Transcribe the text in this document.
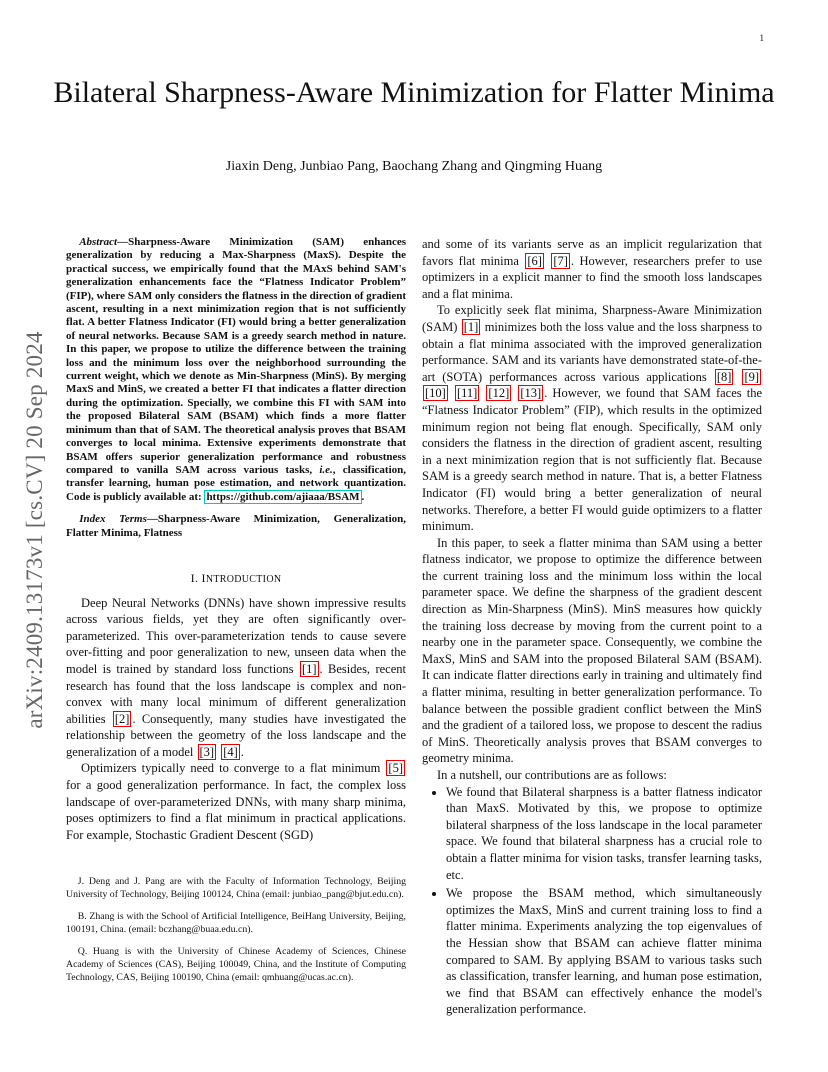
1
Bilateral Sharpness-Aware Minimization for Flatter Minima
Jiaxin Deng, Junbiao Pang, Baochang Zhang and Qingming Huang
arXiv:2409.13173v1 [cs.CV] 20 Sep 2024

Abstract—Sharpness-Aware Minimization (SAM) enhances generalization by reducing a Max-Sharpness (MaxS). Despite the practical success, we empirically found that the MAxS behind SAM's generalization enhancements face the “Flatness Indicator Problem” (FIP), where SAM only considers the flatness in the direction of gradient ascent, resulting in a next minimization region that is not sufficiently flat. A better Flatness Indicator (FI) would bring a better generalization of neural networks. Because SAM is a greedy search method in nature. In this paper, we propose to utilize the difference between the training loss and the minimum loss over the neighborhood surrounding the current weight, which we denote as Min-Sharpness (MinS). By merging MaxS and MinS, we created a better FI that indicates a flatter direction during the optimization. Specially, we combine this FI with SAM into the proposed Bilateral SAM (BSAM) which finds a more flatter minimum than that of SAM. The theoretical analysis proves that BSAM converges to local minima. Extensive experiments demonstrate that BSAM offers superior generalization performance and robustness compared to vanilla SAM across various tasks, i.e., classification, transfer learning, human pose estimation, and network quantization. Code is publicly available at: https://github.com/ajiaaa/BSAM .

Index Terms—Sharpness-Aware Minimization, Generalization, Flatter Minima, Flatness

I. INTRODUCTION

Deep Neural Networks (DNNs) have shown impressive results across various fields, yet they are often significantly over-parameterized. This over-parameterization tends to cause severe over-fitting and poor generalization to new, unseen data when the model is trained by standard loss functions [1] . Besides, recent research has found that the loss landscape is complex and non-convex with many local minimum of different generalization abilities [2] . Consequently, many studies have investigated the relationship between the geometry of the loss landscape and the generalization of a model [3] [4] .

Optimizers typically need to converge to a flat minimum [5] for a good generalization performance. In fact, the complex loss landscape of over-parameterized DNNs, with many sharp minima, poses optimizers to find a flat minimum in practical applications. For example, Stochastic Gradient Descent (SGD)

J. Deng and J. Pang are with the Faculty of Information Technology, Beijing University of Technology, Beijing 100124, China (email: junbiao_pang@bjut.edu.cn).

B. Zhang is with the School of Artificial Intelligence, BeiHang University, Beijing, 100191, China. (email: bczhang@buaa.edu.cn).

Q. Huang is with the University of Chinese Academy of Sciences, Chinese Academy of Sciences (CAS), Beijing 100049, China, and the Institute of Computing Technology, CAS, Beijing 100190, China (email: qmhuang@ucas.ac.cn).

and some of its variants serve as an implicit regularization that favors flat minima [6] [7] . However, researchers prefer to use optimizers in a explicit manner to find the smooth loss landscapes and a flat minima.

To explicitly seek flat minima, Sharpness-Aware Minimization (SAM) [1] minimizes both the loss value and the loss sharpness to obtain a flat minima associated with the improved generalization performance. SAM and its variants have demonstrated state-of-the-art (SOTA) performances across various applications [8] [9] [10] [11] [12] [13] . However, we found that SAM faces the “Flatness Indicator Problem” (FIP), which results in the optimized minimum region not being flat enough. Specifically, SAM only considers the flatness in the direction of gradient ascent, resulting in a next minimization region that is not sufficiently flat. Because SAM is a greedy search method in nature. That is, a better Flatness Indicator (FI) would bring a better generalization of neural networks. Therefore, a better FI would guide optimizers to a flatter minimum.

In this paper, to seek a flatter minima than SAM using a better flatness indicator, we propose to optimize the difference between the current training loss and the minimum loss within the local parameter space. We define the sharpness of the gradient descent direction as Min-Sharpness (MinS). MinS measures how quickly the training loss decrease by moving from the current point to a nearby one in the parameter space. Consequently, we combine the MaxS, MinS and SAM into the proposed Bilateral SAM (BSAM). It can indicate flatter directions early in training and ultimately find a flatter minima, resulting in better generalization performance. To balance between the possible gradient conflict between the MinS and the gradient of a tailored loss, we propose to descent the radius of MinS. Theoretically analysis proves that BSAM converges to geometry minima.

In a nutshell, our contributions are as follows:

• We found that Bilateral sharpness is a batter flatness indicator than MaxS. Motivated by this, we propose to optimize bilateral sharpness of the loss landscape in the local parameter space. We found that bilateral sharpness has a crucial role to obtain a flatter minima for vision tasks, transfer learning tasks, etc.
• We propose the BSAM method, which simultaneously optimizes the MaxS, MinS and current training loss to find a flatter minima. Experiments analyzing the top eigenvalues of the Hessian show that BSAM can achieve flatter minima compared to SAM. By applying BSAM to various tasks such as classification, transfer learning, and human pose estimation, we find that BSAM can effectively enhance the model's generalization performance.
